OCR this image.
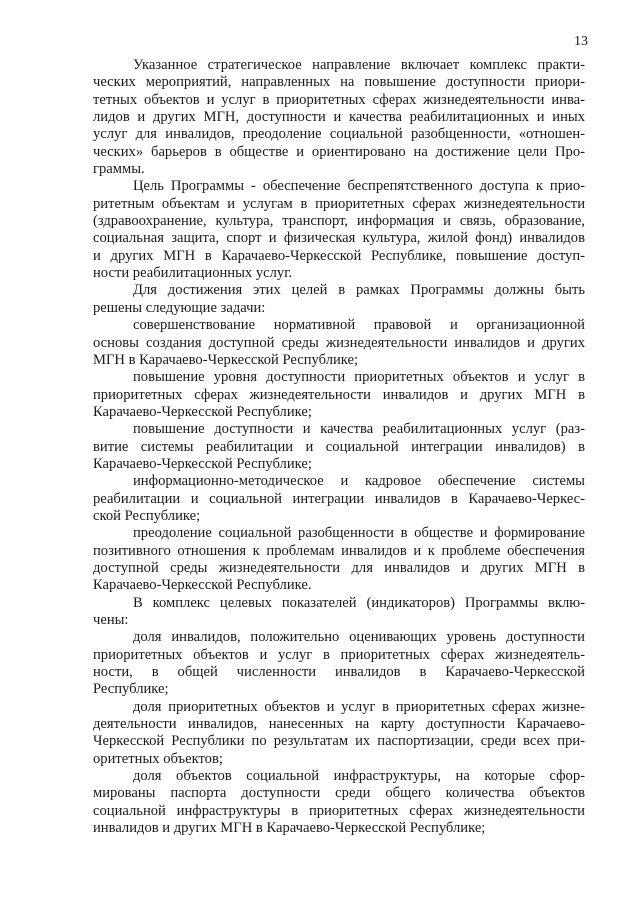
13

Указанное стратегическое направление включает комплекс практи-
ческих мероприятий, направленных на повышение доступности приори-
тетных объектов и услуг в приоритетных сферах жизнедеятельности инва-
лидов и других МГН, доступности и качества реабилитационных и иных
услуг для инвалидов, преодоление социальной разобщенности, «отношен-
ческих» барьеров в обществе и ориентировано на достижение цели Про-
граммы.

Цель Программы - обеспечение беспрепятственного доступа к прио-
ритетным объектам и услугам в приоритетных сферах жизнедеятельности
(здравоохранение, культура, транспорт, информация и связь, образование,
социальная защита, спорт и физическая культура, жилой фонд) инвалидов
и других МГН в Карачаево-Черкесской Республике, повышение доступ-
ности реабилитационных услуг.

Для достижения этих целей в рамках Программы должны быть
решены следующие задачи:

совершенствование нормативной правовой и организационной
основы создания доступной среды жизнедеятельности инвалидов и других
МГН в Карачаево-Черкесской Республике;

повышение уровня доступности приоритетных объектов и услуг в
приоритетных сферах жизнедеятельности инвалидов и других МГН в
Карачаево-Черкесской Республике;

повышение доступности и качества реабилитационных услуг (раз-
витие системы реабилитации и социальной интеграции инвалидов) в
Карачаево-Черкесской Республике;

информационно-методическое и кадровое обеспечение системы
реабилитации и социальной интеграции инвалидов в Карачаево-Черкес-
ской Республике;

преодоление социальной разобщенности в обществе и формирование
позитивного отношения к проблемам инвалидов и к проблеме обеспечения
доступной среды жизнедеятельности для инвалидов и других МГН в
Карачаево-Черкесской Республике.

В комплекс целевых показателей (индикаторов) Программы вклю-
чены:

доля инвалидов, положительно оценивающих уровень доступности
приоритетных объектов и услуг в приоритетных сферах жизнедеятель-
ности, в общей численности инвалидов в Карачаево-Черкесской
Республике;

доля приоритетных объектов и услуг в приоритетных сферах жизне-
деятельности инвалидов, нанесенных на карту доступности Карачаево-
Черкесской Республики по результатам их паспортизации, среди всех при-
оритетных объектов;

доля объектов социальной инфраструктуры, на которые сфор-
мированы паспорта доступности среди общего количества объектов
социальной инфраструктуры в приоритетных сферах жизнедеятельности
инвалидов и других МГН в Карачаево-Черкесской Республике;
